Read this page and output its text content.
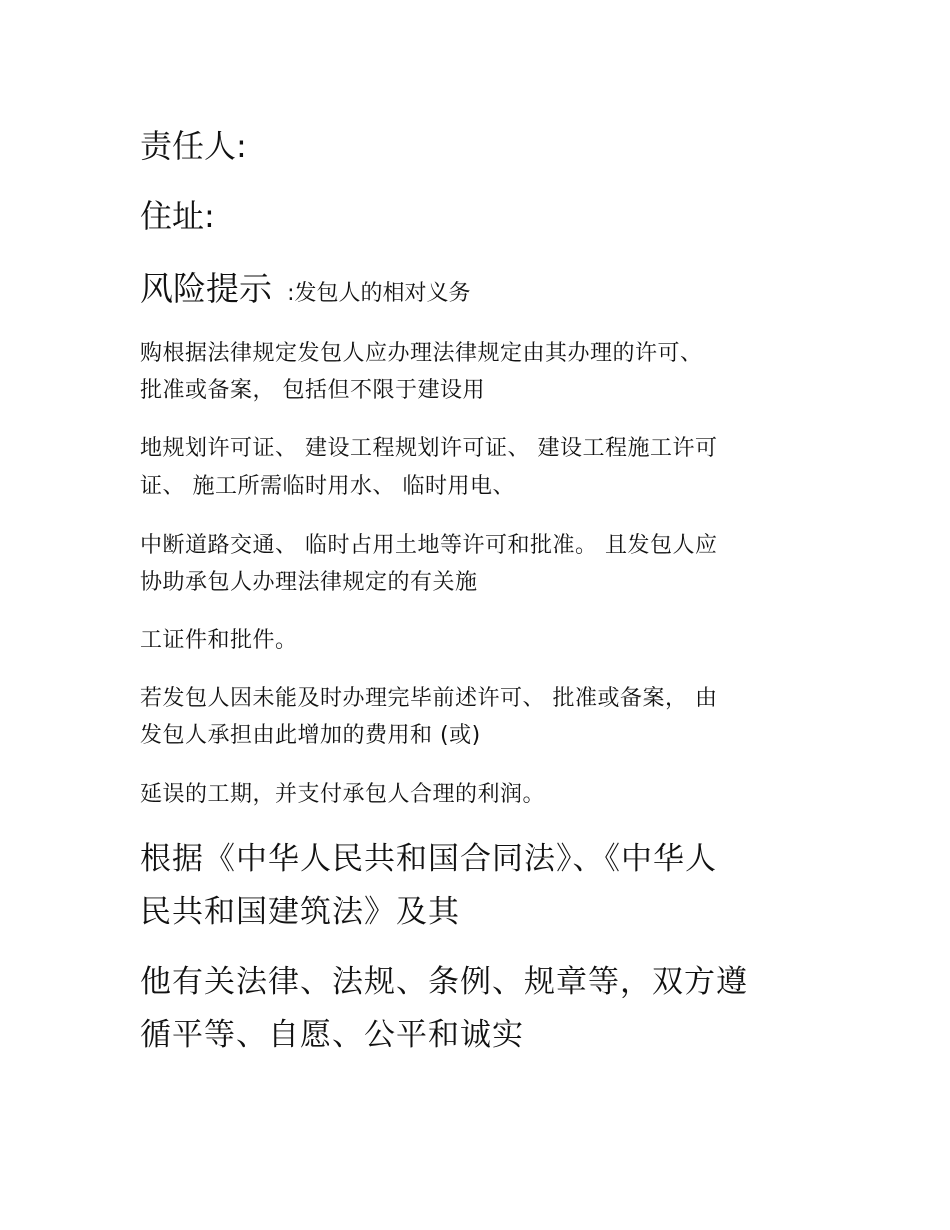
责任人:
住址:
风险提示 :发包人的相对义务
购根据法律规定发包人应办理法律规定由其办理的许可、
批准或备案， 包括但不限于建设用
地规划许可证、 建设工程规划许可证、 建设工程施工许可
证、 施工所需临时用水、 临时用电、
中断道路交通、 临时占用土地等许可和批准。 且发包人应
协助承包人办理法律规定的有关施
工证件和批件。
若发包人因未能及时办理完毕前述许可、 批准或备案， 由
发包人承担由此增加的费用和 (或)
延误的工期，并支付承包人合理的利润。
根据《中华人民共和国合同法》、《中华人
民共和国建筑法》及其
他有关法律、法规、条例、规章等，双方遵
循平等、自愿、公平和诚实
